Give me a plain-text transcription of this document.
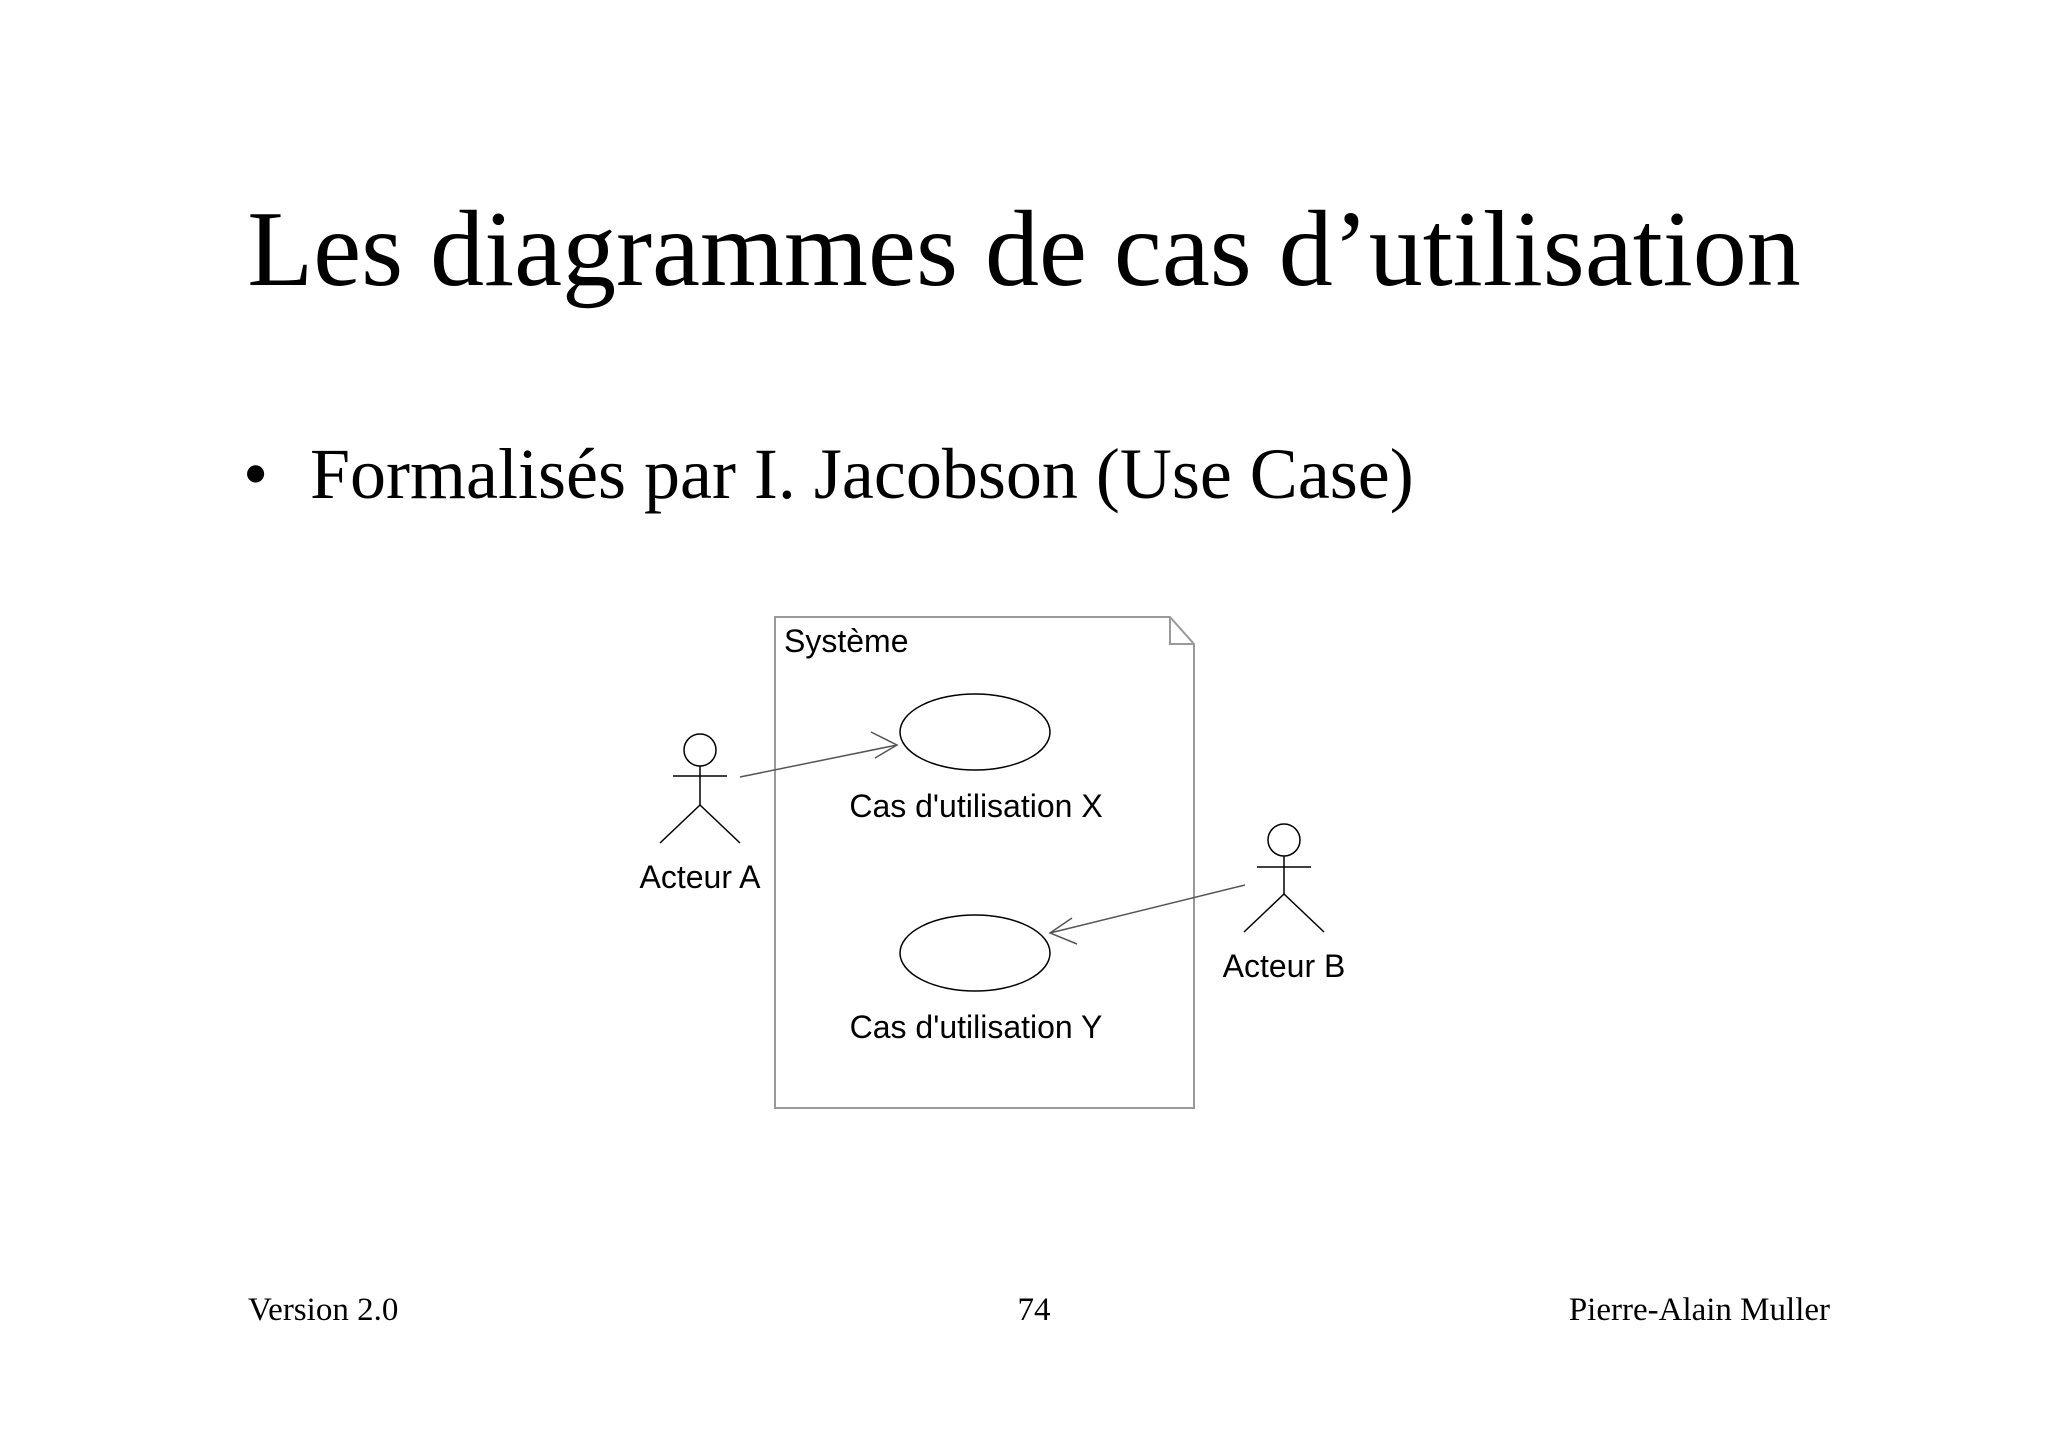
Les diagrammes de cas d’utilisation
• Formalisés par I. Jacobson (Use Case)
Système
Cas d'utilisation X
Cas d'utilisation Y
Acteur A
Acteur B
Version 2.0	74	Pierre-Alain Muller
